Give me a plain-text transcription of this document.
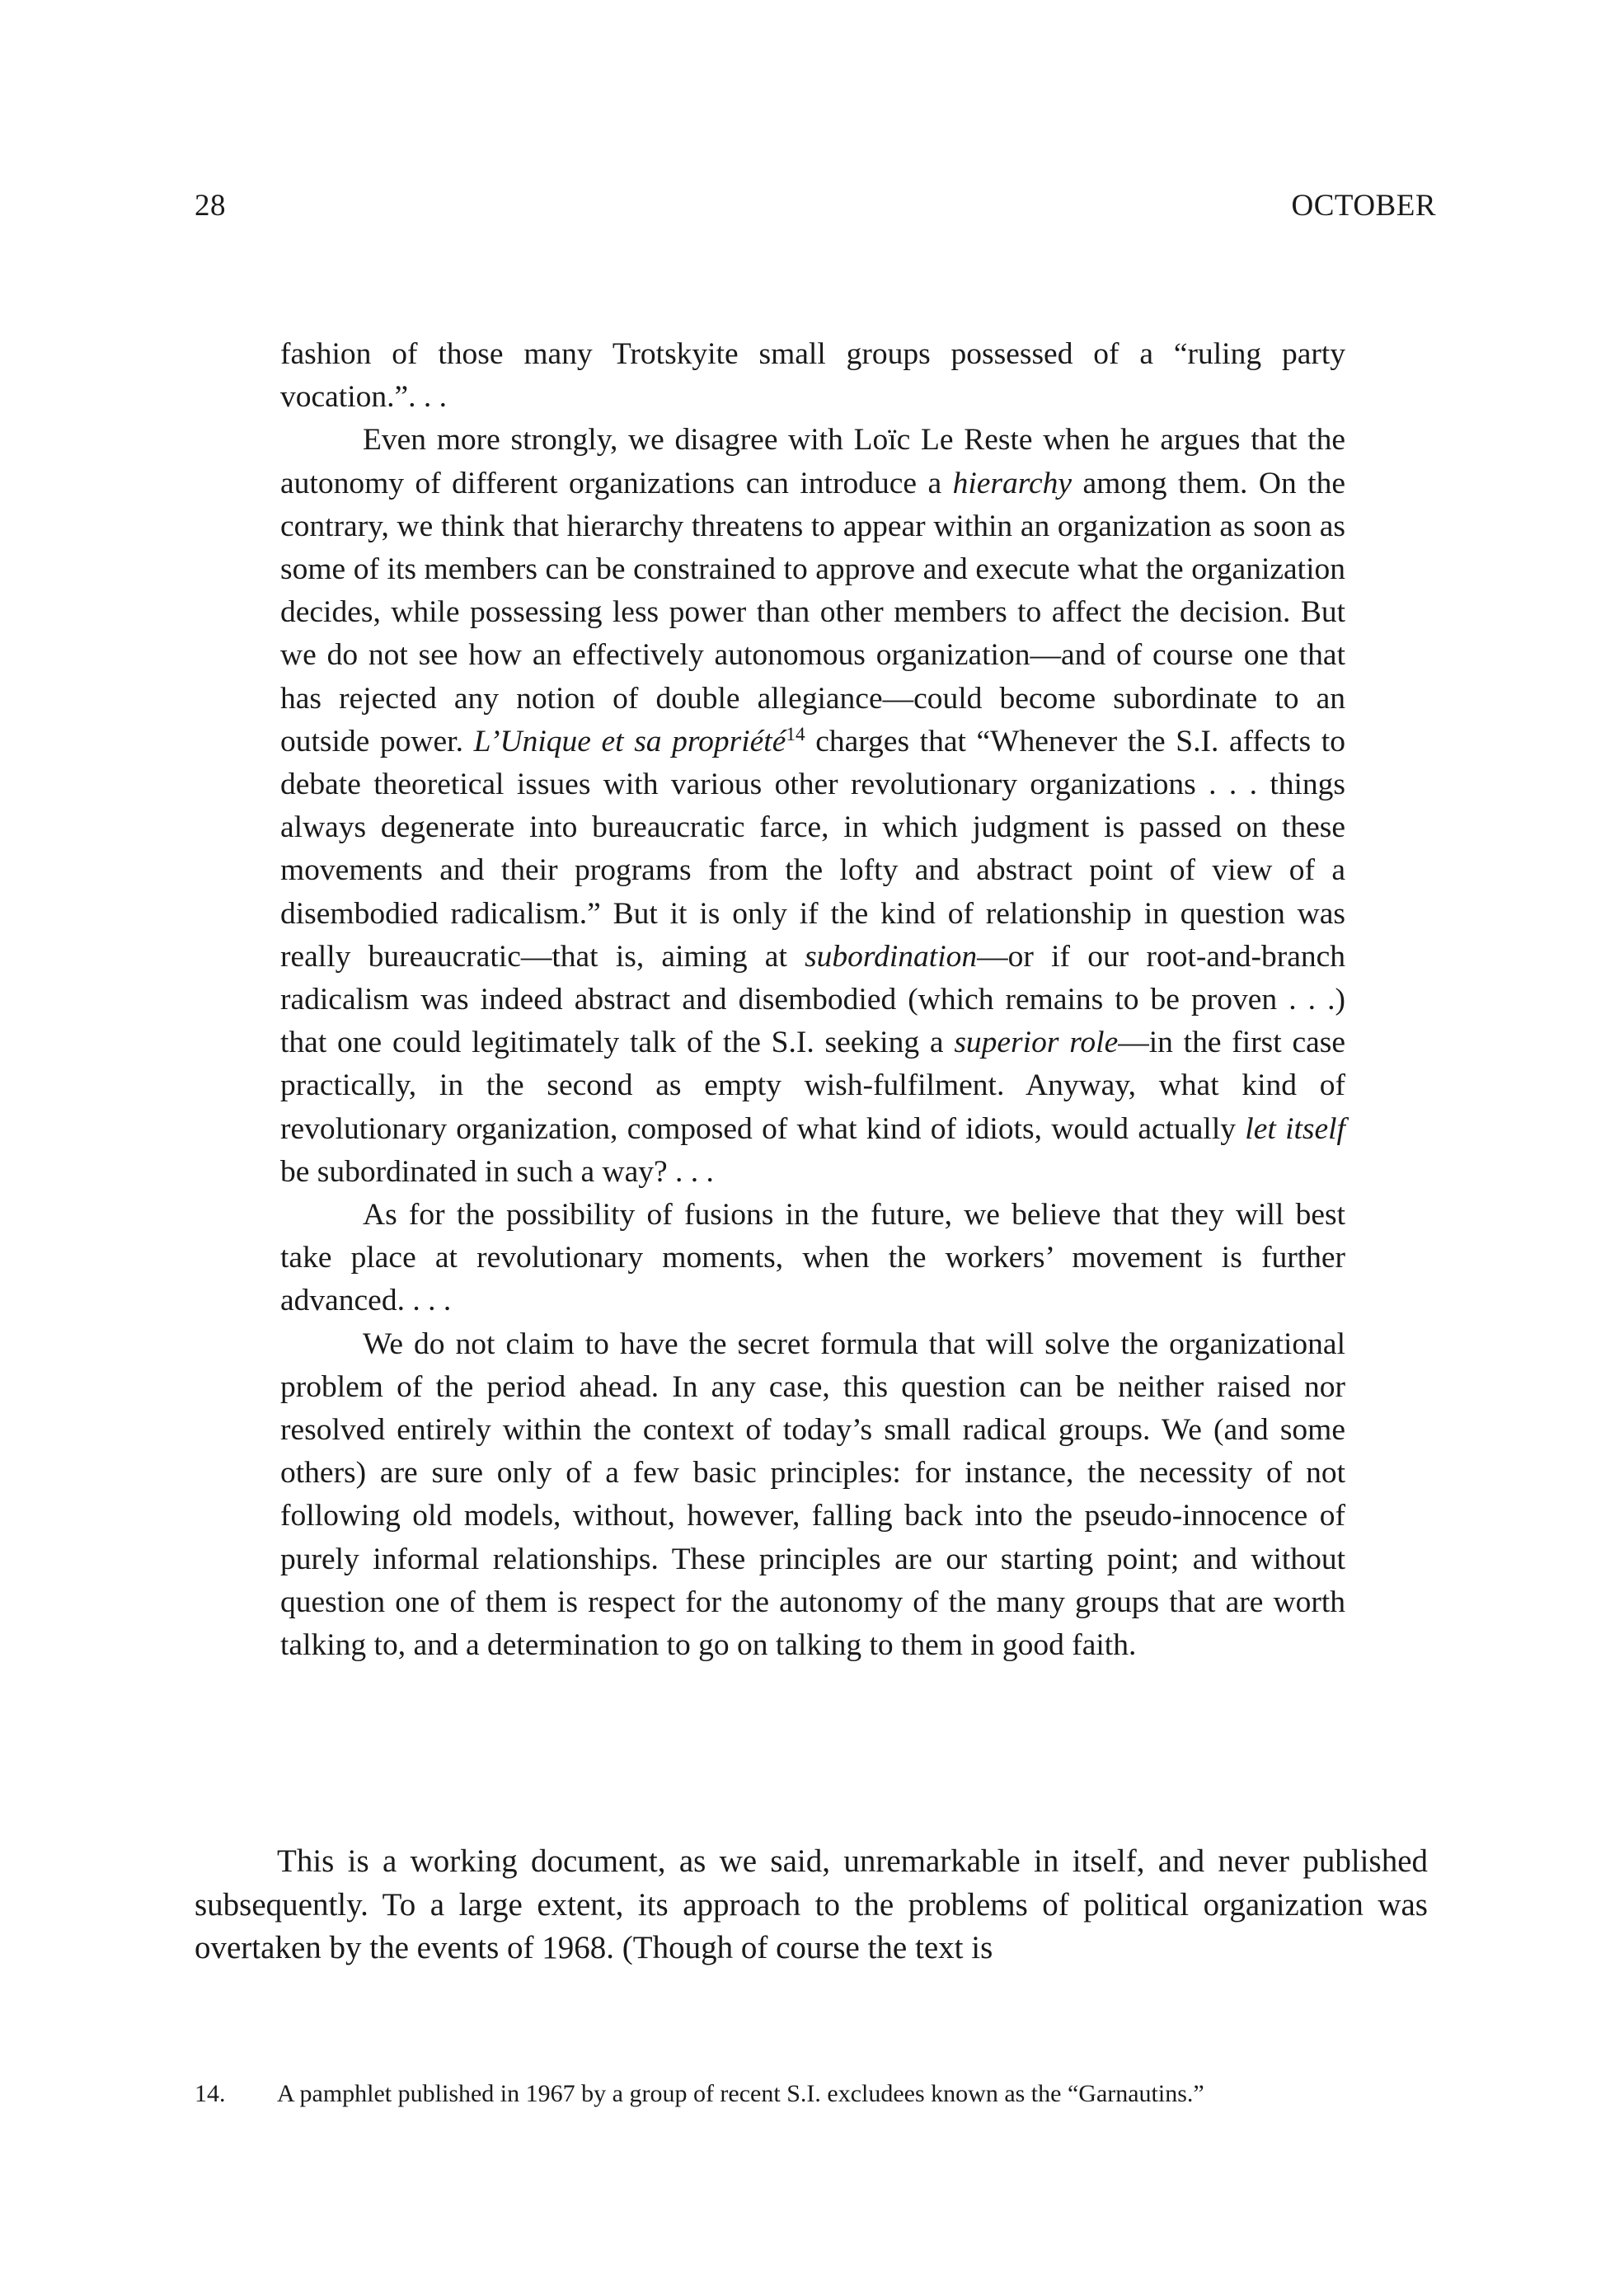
28	OCTOBER

fashion of those many Trotskyite small groups possessed of a “ruling party vocation.”. . .

Even more strongly, we disagree with Loïc Le Reste when he argues that the autonomy of different organizations can introduce a hierarchy among them. On the contrary, we think that hierarchy threatens to appear within an organization as soon as some of its members can be constrained to approve and execute what the organization decides, while possessing less power than other members to affect the decision. But we do not see how an effectively autonomous organization—and of course one that has rejected any notion of double allegiance—could become subordinate to an outside power. L’Unique et sa propriété$^{14}$ charges that “Whenever the S.I. affects to debate theoretical issues with various other revolutionary organizations . . . things always degenerate into bureaucratic farce, in which judgment is passed on these movements and their programs from the lofty and abstract point of view of a disembodied radicalism.” But it is only if the kind of relationship in question was really bureaucratic—that is, aiming at subordination—or if our root-and-branch radicalism was indeed abstract and disembodied (which remains to be proven . . .) that one could legitimately talk of the S.I. seeking a superior role—in the first case practically, in the second as empty wish-fulfilment. Anyway, what kind of revolutionary organization, composed of what kind of idiots, would actually let itself be subordinated in such a way? . . .

As for the possibility of fusions in the future, we believe that they will best take place at revolutionary moments, when the workers’ movement is further advanced. . . .

We do not claim to have the secret formula that will solve the organizational problem of the period ahead. In any case, this question can be neither raised nor resolved entirely within the context of today’s small radical groups. We (and some others) are sure only of a few basic principles: for instance, the necessity of not following old models, without, however, falling back into the pseudo-innocence of purely informal relationships. These principles are our starting point; and without question one of them is respect for the autonomy of the many groups that are worth talking to, and a determination to go on talking to them in good faith.

This is a working document, as we said, unremarkable in itself, and never published subsequently. To a large extent, its approach to the problems of political organization was overtaken by the events of 1968. (Though of course the text is

14.	A pamphlet published in 1967 by a group of recent S.I. excludees known as the “Garnautins.”
